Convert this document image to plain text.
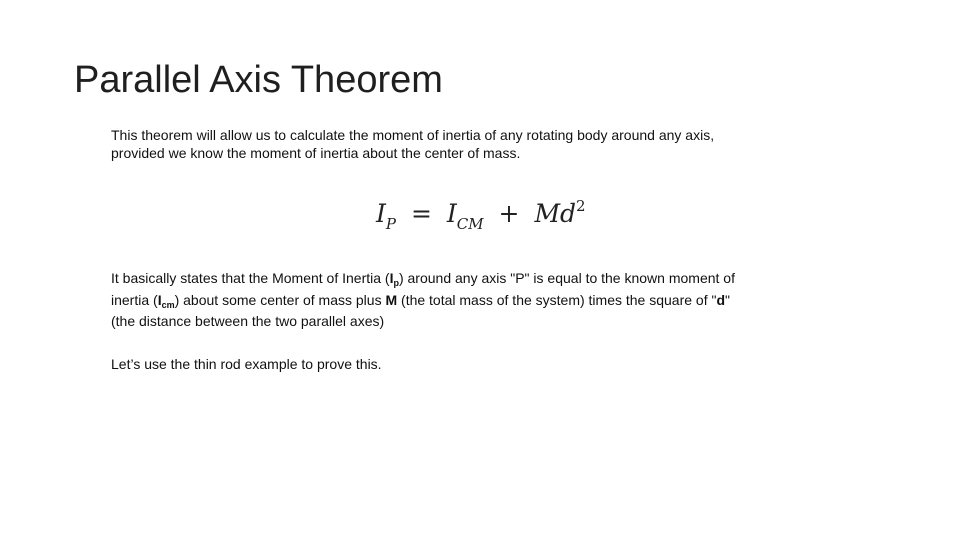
Parallel Axis Theorem

This theorem will allow us to calculate the moment of inertia of any rotating body around any axis, provided we know the moment of inertia about the center of mass.

$I_P = I_{CM} + Md^2$

It basically states that the Moment of Inertia $(I_p)$ around any axis "P" is equal to the known moment of inertia $(I_{cm})$ about some center of mass plus M (the total mass of the system) times the square of "d" (the distance between the two parallel axes)

Let’s use the thin rod example to prove this.
